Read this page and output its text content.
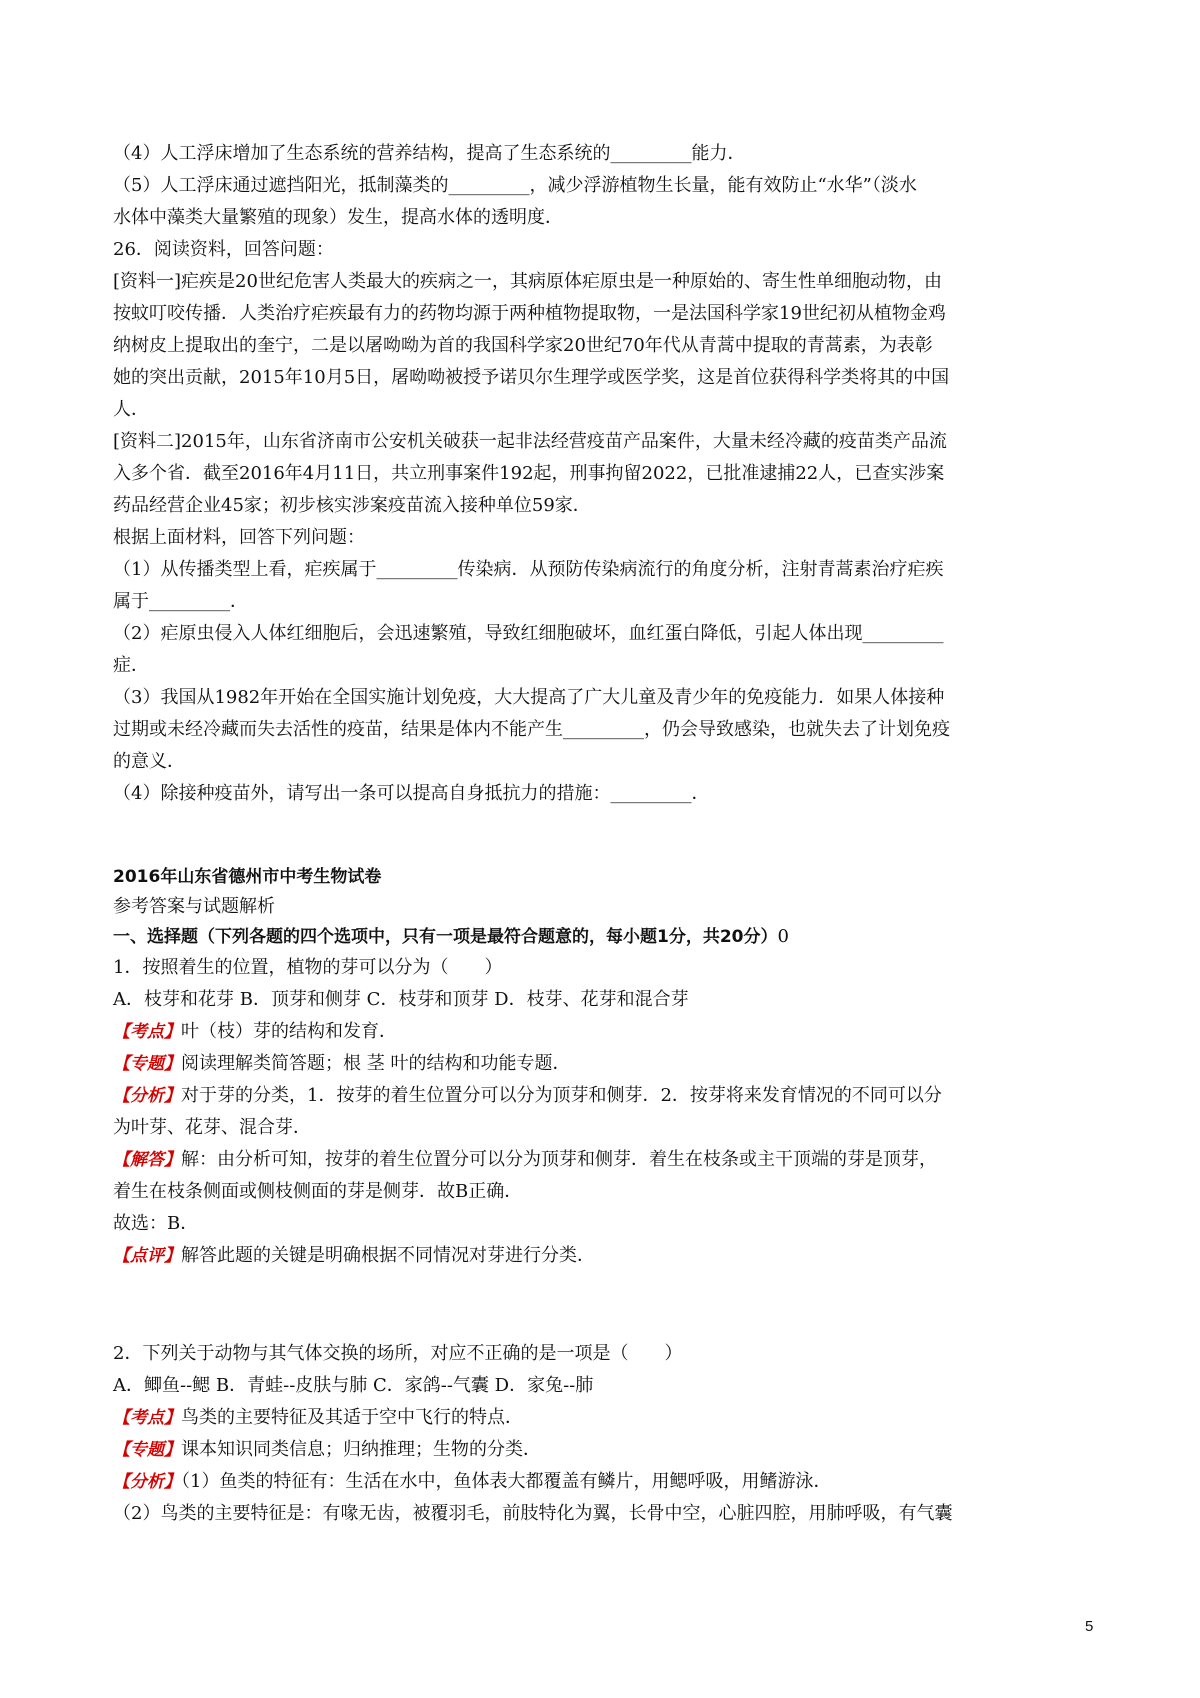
（4）人工浮床增加了生态系统的营养结构，提高了生态系统的_________能力．
（5）人工浮床通过遮挡阳光，抵制藻类的_________，减少浮游植物生长量，能有效防止“水华”（淡水
水体中藻类大量繁殖的现象）发生，提高水体的透明度．
26．阅读资料，回答问题：
[资料一]疟疾是20世纪危害人类最大的疾病之一，其病原体疟原虫是一种原始的、寄生性单细胞动物，由
按蚊叮咬传播．人类治疗疟疾最有力的药物均源于两种植物提取物，一是法国科学家19世纪初从植物金鸡
纳树皮上提取出的奎宁，二是以屠呦呦为首的我国科学家20世纪70年代从青蒿中提取的青蒿素，为表彰
她的突出贡献，2015年10月5日，屠呦呦被授予诺贝尔生理学或医学奖，这是首位获得科学类将其的中国
人．
[资料二]2015年，山东省济南市公安机关破获一起非法经营疫苗产品案件，大量未经冷藏的疫苗类产品流
入多个省．截至2016年4月11日，共立刑事案件192起，刑事拘留2022，已批准逮捕22人，已查实涉案
药品经营企业45家；初步核实涉案疫苗流入接种单位59家．
根据上面材料，回答下列问题：
（1）从传播类型上看，疟疾属于_________传染病．从预防传染病流行的角度分析，注射青蒿素治疗疟疾
属于_________．
（2）疟原虫侵入人体红细胞后，会迅速繁殖，导致红细胞破坏，血红蛋白降低，引起人体出现_________
症．
（3）我国从1982年开始在全国实施计划免疫，大大提高了广大儿童及青少年的免疫能力．如果人体接种
过期或未经冷藏而失去活性的疫苗，结果是体内不能产生_________，仍会导致感染，也就失去了计划免疫
的意义．
（4）除接种疫苗外，请写出一条可以提高自身抵抗力的措施：_________．
2016年山东省德州市中考生物试卷
参考答案与试题解析
一、选择题（下列各题的四个选项中，只有一项是最符合题意的，每小题1分，共20分）0
1．按照着生的位置，植物的芽可以分为（　　）
A．枝芽和花芽 B．顶芽和侧芽 C．枝芽和顶芽 D．枝芽、花芽和混合芽
【考点】叶（枝）芽的结构和发育．
【专题】阅读理解类简答题；根 茎 叶的结构和功能专题．
【分析】对于芽的分类，1．按芽的着生位置分可以分为顶芽和侧芽．2．按芽将来发育情况的不同可以分
为叶芽、花芽、混合芽．
【解答】解：由分析可知，按芽的着生位置分可以分为顶芽和侧芽．着生在枝条或主干顶端的芽是顶芽，
着生在枝条侧面或侧枝侧面的芽是侧芽．故B正确．
故选：B．
【点评】解答此题的关键是明确根据不同情况对芽进行分类．
2．下列关于动物与其气体交换的场所，对应不正确的是一项是（　　）
A．鲫鱼--鳃 B．青蛙--皮肤与肺 C．家鸽--气囊 D．家兔--肺
【考点】鸟类的主要特征及其适于空中飞行的特点．
【专题】课本知识同类信息；归纳推理；生物的分类．
【分析】（1）鱼类的特征有：生活在水中，鱼体表大都覆盖有鳞片，用鳃呼吸，用鳍游泳．
（2）鸟类的主要特征是：有喙无齿，被覆羽毛，前肢特化为翼，长骨中空，心脏四腔，用肺呼吸，有气囊
5
